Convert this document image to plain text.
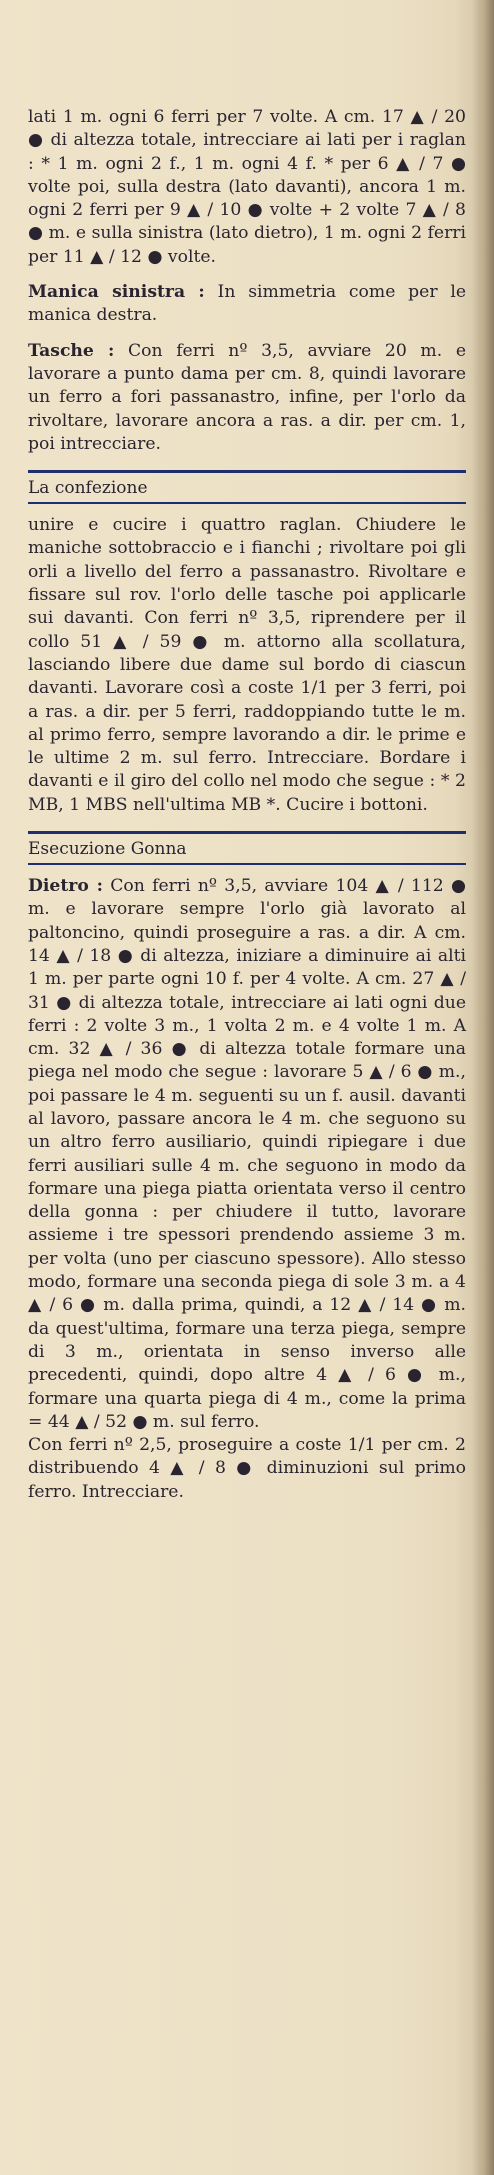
lati 1 m. ogni 6 ferri per 7 volte. A cm. 17 ▲ / 20 ● di altezza totale, intrecciare ai lati per i raglan : * 1 m. ogni 2 f., 1 m. ogni 4 f. * per 6 ▲ / 7 ● volte poi, sulla destra (lato davanti), ancora 1 m. ogni 2 ferri per 9 ▲ / 10 ● volte + 2 volte 7 ▲ / 8 ● m. e sulla sinistra (lato dietro), 1 m. ogni 2 ferri per 11 ▲ / 12 ● volte.

Manica sinistra : In simmetria come per le manica destra.

Tasche : Con ferri nº 3,5, avviare 20 m. e lavorare a punto dama per cm. 8, quindi lavorare un ferro a fori passanastro, infine, per l'orlo da rivoltare, lavorare ancora a ras. a dir. per cm. 1, poi intrecciare.

La confezione

unire e cucire i quattro raglan. Chiudere le maniche sottobraccio e i fianchi ; rivoltare poi gli orli a livello del ferro a passanastro. Rivoltare e fissare sul rov. l'orlo delle tasche poi applicarle sui davanti. Con ferri nº 3,5, riprendere per il collo 51 ▲ / 59 ● m. attorno alla scollatura, lasciando libere due dame sul bordo di ciascun davanti. Lavorare così a coste 1/1 per 3 ferri, poi a ras. a dir. per 5 ferri, raddoppiando tutte le m. al primo ferro, sempre lavorando a dir. le prime e le ultime 2 m. sul ferro. Intrecciare. Bordare i davanti e il giro del collo nel modo che segue : * 2 MB, 1 MBS nell'ultima MB *. Cucire i bottoni.

Esecuzione Gonna

Dietro : Con ferri nº 3,5, avviare 104 ▲ / 112 ● m. e lavorare sempre l'orlo già lavorato al paltoncino, quindi proseguire a ras. a dir. A cm. 14 ▲ / 18 ● di altezza, iniziare a diminuire ai alti 1 m. per parte ogni 10 f. per 4 volte. A cm. 27 ▲ / 31 ● di altezza totale, intrecciare ai lati ogni due ferri : 2 volte 3 m., 1 volta 2 m. e 4 volte 1 m. A cm. 32 ▲ / 36 ● di altezza totale formare una piega nel modo che segue : lavorare 5 ▲ / 6 ● m., poi passare le 4 m. seguenti su un f. ausil. davanti al lavoro, passare ancora le 4 m. che seguono su un altro ferro ausiliario, quindi ripiegare i due ferri ausiliari sulle 4 m. che seguono in modo da formare una piega piatta orientata verso il centro della gonna : per chiudere il tutto, lavorare assieme i tre spessori prendendo assieme 3 m. per volta (uno per ciascuno spessore). Allo stesso modo, formare una seconda piega di sole 3 m. a 4 ▲ / 6 ● m. dalla prima, quindi, a 12 ▲ / 14 ● m. da quest'ultima, formare una terza piega, sempre di 3 m., orientata in senso inverso alle precedenti, quindi, dopo altre 4 ▲ / 6 ● m., formare una quarta piega di 4 m., come la prima = 44 ▲ / 52 ● m. sul ferro.

Con ferri nº 2,5, proseguire a coste 1/1 per cm. 2 distribuendo 4 ▲ / 8 ● diminuzioni sul primo ferro. Intrecciare.
